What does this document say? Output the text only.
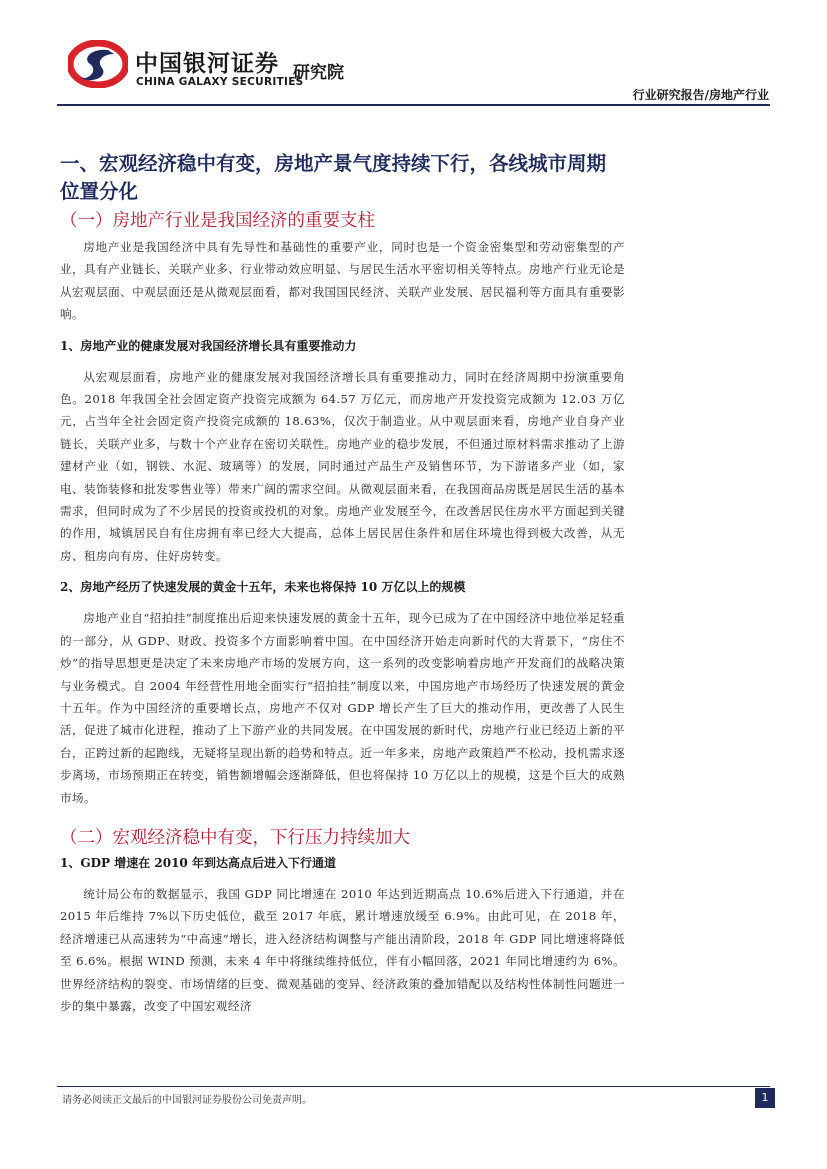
中国银河证券
CHINA GALAXY SECURITIES
研究院
行业研究报告/房地产行业
一、宏观经济稳中有变，房地产景气度持续下行，各线城市周期位置分化
（一）房地产行业是我国经济的重要支柱

房地产业是我国经济中具有先导性和基础性的重要产业，同时也是一个资金密集型和劳动密集型的产业，具有产业链长、关联产业多、行业带动效应明显、与居民生活水平密切相关等特点。房地产行业无论是从宏观层面、中观层面还是从微观层面看，都对我国国民经济、关联产业发展、居民福利等方面具有重要影响。

1、房地产业的健康发展对我国经济增长具有重要推动力

从宏观层面看，房地产业的健康发展对我国经济增长具有重要推动力，同时在经济周期中扮演重要角色。2018 年我国全社会固定资产投资完成额为 64.57 万亿元，而房地产开发投资完成额为 12.03 万亿元，占当年全社会固定资产投资完成额的 18.63%，仅次于制造业。从中观层面来看，房地产业自身产业链长，关联产业多，与数十个产业存在密切关联性。房地产业的稳步发展，不但通过原材料需求推动了上游建材产业（如，钢铁、水泥、玻璃等）的发展，同时通过产品生产及销售环节，为下游诸多产业（如，家电、装饰装修和批发零售业等）带来广阔的需求空间。从微观层面来看，在我国商品房既是居民生活的基本需求，但同时成为了不少居民的投资或投机的对象。房地产业发展至今，在改善居民住房水平方面起到关键的作用，城镇居民自有住房拥有率已经大大提高，总体上居民居住条件和居住环境也得到极大改善，从无房、租房向有房、住好房转变。

2、房地产经历了快速发展的黄金十五年，未来也将保持 10 万亿以上的规模

房地产业自“招拍挂”制度推出后迎来快速发展的黄金十五年，现今已成为了在中国经济中地位举足轻重的一部分，从 GDP、财政、投资多个方面影响着中国。在中国经济开始走向新时代的大背景下，“房住不炒”的指导思想更是决定了未来房地产市场的发展方向，这一系列的改变影响着房地产开发商们的战略决策与业务模式。自 2004 年经营性用地全面实行“招拍挂”制度以来，中国房地产市场经历了快速发展的黄金十五年。作为中国经济的重要增长点，房地产不仅对 GDP 增长产生了巨大的推动作用，更改善了人民生活，促进了城市化进程，推动了上下游产业的共同发展。在中国发展的新时代，房地产行业已经迈上新的平台，正跨过新的起跑线，无疑将呈现出新的趋势和特点。近一年多来，房地产政策趋严不松动，投机需求逐步离场，市场预期正在转变，销售额增幅会逐渐降低，但也将保持 10 万亿以上的规模，这是个巨大的成熟市场。

（二）宏观经济稳中有变，下行压力持续加大
1、GDP 增速在 2010 年到达高点后进入下行通道

统计局公布的数据显示，我国 GDP 同比增速在 2010 年达到近期高点 10.6%后进入下行通道，并在 2015 年后维持 7%以下历史低位，截至 2017 年底，累计增速放缓至 6.9%。由此可见，在 2018 年，经济增速已从高速转为“中高速”增长，进入经济结构调整与产能出清阶段，2018 年 GDP 同比增速将降低至 6.6%。根据 WIND 预测，未来 4 年中将继续维持低位，伴有小幅回落，2021 年同比增速约为 6%。世界经济结构的裂变、市场情绪的巨变、微观基础的变异、经济政策的叠加错配以及结构性体制性问题进一步的集中暴露，改变了中国宏观经济

请务必阅读正文最后的中国银河证券股份公司免责声明。	1
